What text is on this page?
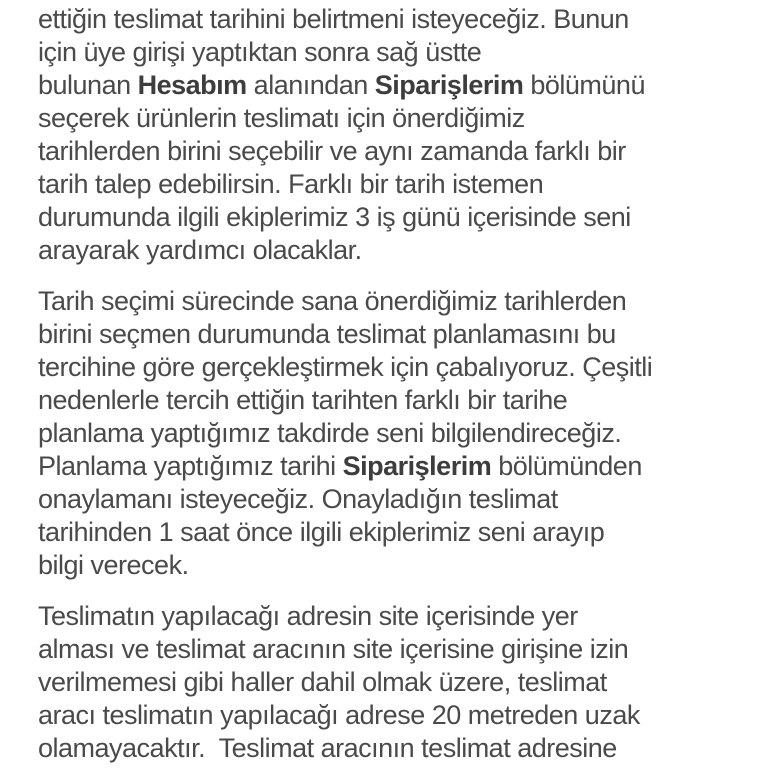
ettiğin teslimat tarihini belirtmeni isteyeceğiz. Bunun
için üye girişi yaptıktan sonra sağ üstte
bulunan Hesabım alanından Siparişlerim bölümünü
seçerek ürünlerin teslimatı için önerdiğimiz
tarihlerden birini seçebilir ve aynı zamanda farklı bir
tarih talep edebilirsin. Farklı bir tarih istemen
durumunda ilgili ekiplerimiz 3 iş günü içerisinde seni
arayarak yardımcı olacaklar.

Tarih seçimi sürecinde sana önerdiğimiz tarihlerden
birini seçmen durumunda teslimat planlamasını bu
tercihine göre gerçekleştirmek için çabalıyoruz. Çeşitli
nedenlerle tercih ettiğin tarihten farklı bir tarihe
planlama yaptığımız takdirde seni bilgilendireceğiz.
Planlama yaptığımız tarihi Siparişlerim bölümünden
onaylamanı isteyeceğiz. Onayladığın teslimat
tarihinden 1 saat önce ilgili ekiplerimiz seni arayıp
bilgi verecek.

Teslimatın yapılacağı adresin site içerisinde yer
alması ve teslimat aracının site içerisine girişine izin
verilmemesi gibi haller dahil olmak üzere, teslimat
aracı teslimatın yapılacağı adrese 20 metreden uzak
olamayacaktır.  Teslimat aracının teslimat adresine
